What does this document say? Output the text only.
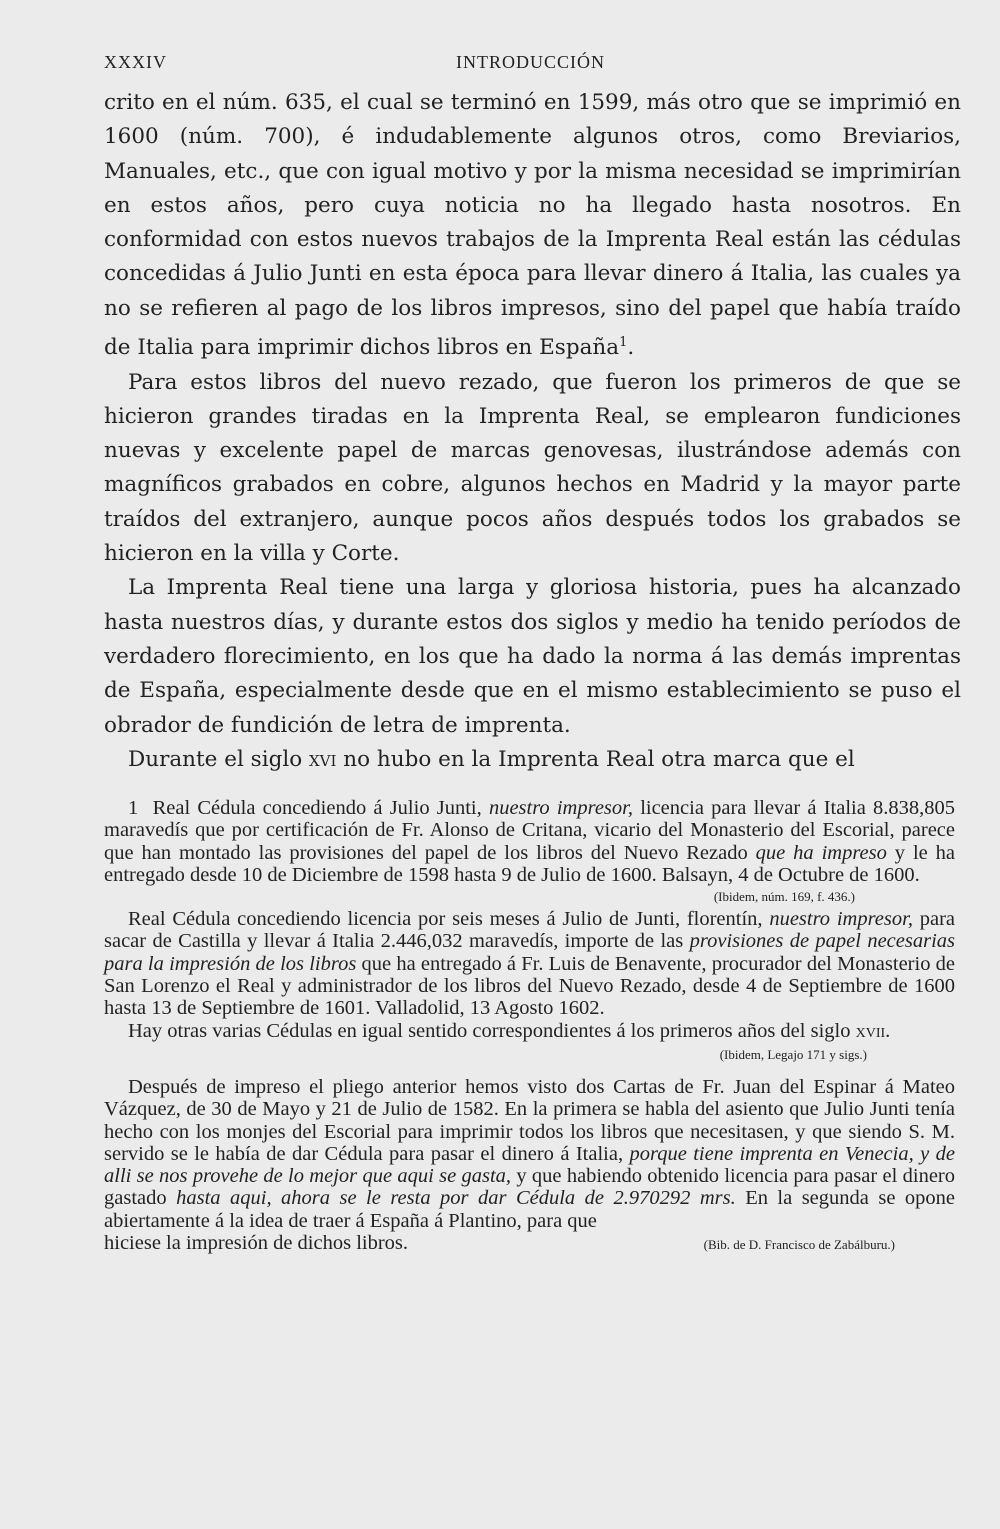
XXXIV	INTRODUCCIÓN

crito en el núm. 635, el cual se terminó en 1599, más otro que se imprimió en 1600 (núm. 700), é indudablemente algunos otros, como Breviarios, Manuales, etc., que con igual motivo y por la misma necesidad se imprimirían en estos años, pero cuya noticia no ha llegado hasta nosotros. En conformidad con estos nuevos trabajos de la Imprenta Real están las cédulas concedidas á Julio Junti en esta época para llevar dinero á Italia, las cuales ya no se refieren al pago de los libros impresos, sino del papel que había traído de Italia para imprimir dichos libros en España$^1$.

Para estos libros del nuevo rezado, que fueron los primeros de que se hicieron grandes tiradas en la Imprenta Real, se emplearon fundiciones nuevas y excelente papel de marcas genovesas, ilustrándose además con magníficos grabados en cobre, algunos hechos en Madrid y la mayor parte traídos del extranjero, aunque pocos años después todos los grabados se hicieron en la villa y Corte.

La Imprenta Real tiene una larga y gloriosa historia, pues ha alcanzado hasta nuestros días, y durante estos dos siglos y medio ha tenido períodos de verdadero florecimiento, en los que ha dado la norma á las demás imprentas de España, especialmente desde que en el mismo establecimiento se puso el obrador de fundición de letra de imprenta.

Durante el siglo xvi no hubo en la Imprenta Real otra marca que el

1 Real Cédula concediendo á Julio Junti, nuestro impresor, licencia para llevar á Italia 8.838,805 maravedís que por certificación de Fr. Alonso de Critana, vicario del Monasterio del Escorial, parece que han montado las provisiones del papel de los libros del Nuevo Rezado que ha impreso y le ha entregado desde 10 de Diciembre de 1598 hasta 9 de Julio de 1600. Balsayn, 4 de Octubre de 1600.

(Ibidem, núm. 169, f. 436.)

Real Cédula concediendo licencia por seis meses á Julio de Junti, florentín, nuestro impresor, para sacar de Castilla y llevar á Italia 2.446,032 maravedís, importe de las provisiones de papel necesarias para la impresión de los libros que ha entregado á Fr. Luis de Benavente, procurador del Monasterio de San Lorenzo el Real y administrador de los libros del Nuevo Rezado, desde 4 de Septiembre de 1600 hasta 13 de Septiembre de 1601. Valladolid, 13 Agosto 1602.

Hay otras varias Cédulas en igual sentido correspondientes á los primeros años del siglo xvii.

(Ibidem, Legajo 171 y sigs.)

Después de impreso el pliego anterior hemos visto dos Cartas de Fr. Juan del Espinar á Mateo Vázquez, de 30 de Mayo y 21 de Julio de 1582. En la primera se habla del asiento que Julio Junti tenía hecho con los monjes del Escorial para imprimir todos los libros que necesitasen, y que siendo S. M. servido se le había de dar Cédula para pasar el dinero á Italia, porque tiene imprenta en Venecia, y de alli se nos provehe de lo mejor que aqui se gasta, y que habiendo obtenido licencia para pasar el dinero gastado hasta aqui, ahora se le resta por dar Cédula de 2.970292 mrs. En la segunda se opone abiertamente á la idea de traer á España á Plantino, para que

hiciese la impresión de dichos libros.	(Bib. de D. Francisco de Zabálburu.)
